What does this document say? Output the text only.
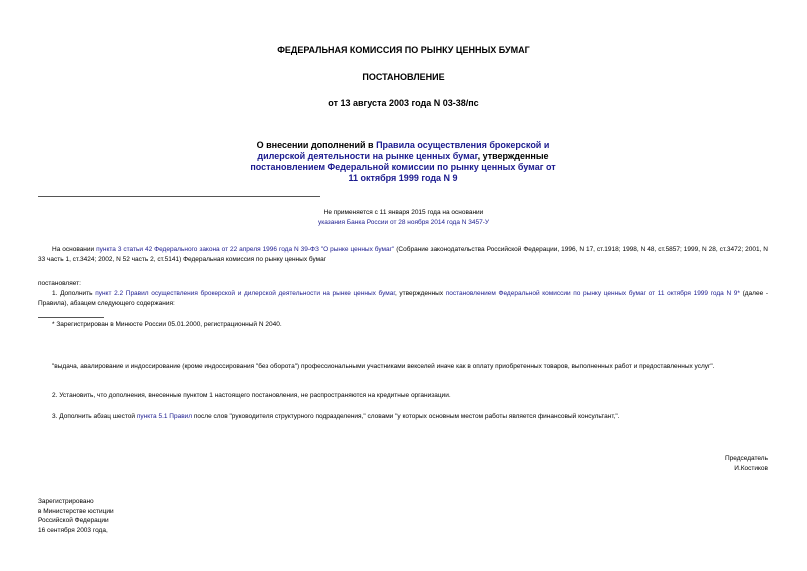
ФЕДЕРАЛЬНАЯ КОМИССИЯ ПО РЫНКУ ЦЕННЫХ БУМАГ
ПОСТАНОВЛЕНИЕ
от 13 августа 2003 года N 03-38/пс
О внесении дополнений в Правила осуществления брокерской и дилерской деятельности на рынке ценных бумаг, утвержденные постановлением Федеральной комиссии по рынку ценных бумаг от 11 октября 1999 года N 9
Не применяется с 11 января 2015 года на основании
указания Банка России от 28 ноября 2014 года N 3457-У
На основании пункта 3 статьи 42 Федерального закона от 22 апреля 1996 года N 39-ФЗ "О рынке ценных бумаг" (Собрание законодательства Российской Федерации, 1996, N 17, ст.1918; 1998, N 48, ст.5857; 1999, N 28, ст.3472; 2001, N 33 часть 1, ст.3424; 2002, N 52 часть 2, ст.5141) Федеральная комиссия по рынку ценных бумаг
постановляет:
1. Дополнить пункт 2.2 Правил осуществления брокерской и дилерской деятельности на рынке ценных бумаг, утвержденных постановлением Федеральной комиссии по рынку ценных бумаг от 11 октября 1999 года N 9* (далее - Правила), абзацем следующего содержания:
* Зарегистрирован в Минюсте России 05.01.2000, регистрационный N 2040.
"выдача, авалирование и индоссирование (кроме индоссирования "без оборота") профессиональными участниками векселей иначе как в оплату приобретенных товаров, выполненных работ и предоставленных услуг".
2. Установить, что дополнения, внесенные пунктом 1 настоящего постановления, не распространяются на кредитные организации.
3. Дополнить абзац шестой пункта 5.1 Правил после слов "руководителя структурного подразделения," словами "у которых основным местом работы является финансовый консультант,".
Председатель
И.Костиков
Зарегистрировано
в Министерстве юстиции
Российской Федерации
16 сентября 2003 года,
